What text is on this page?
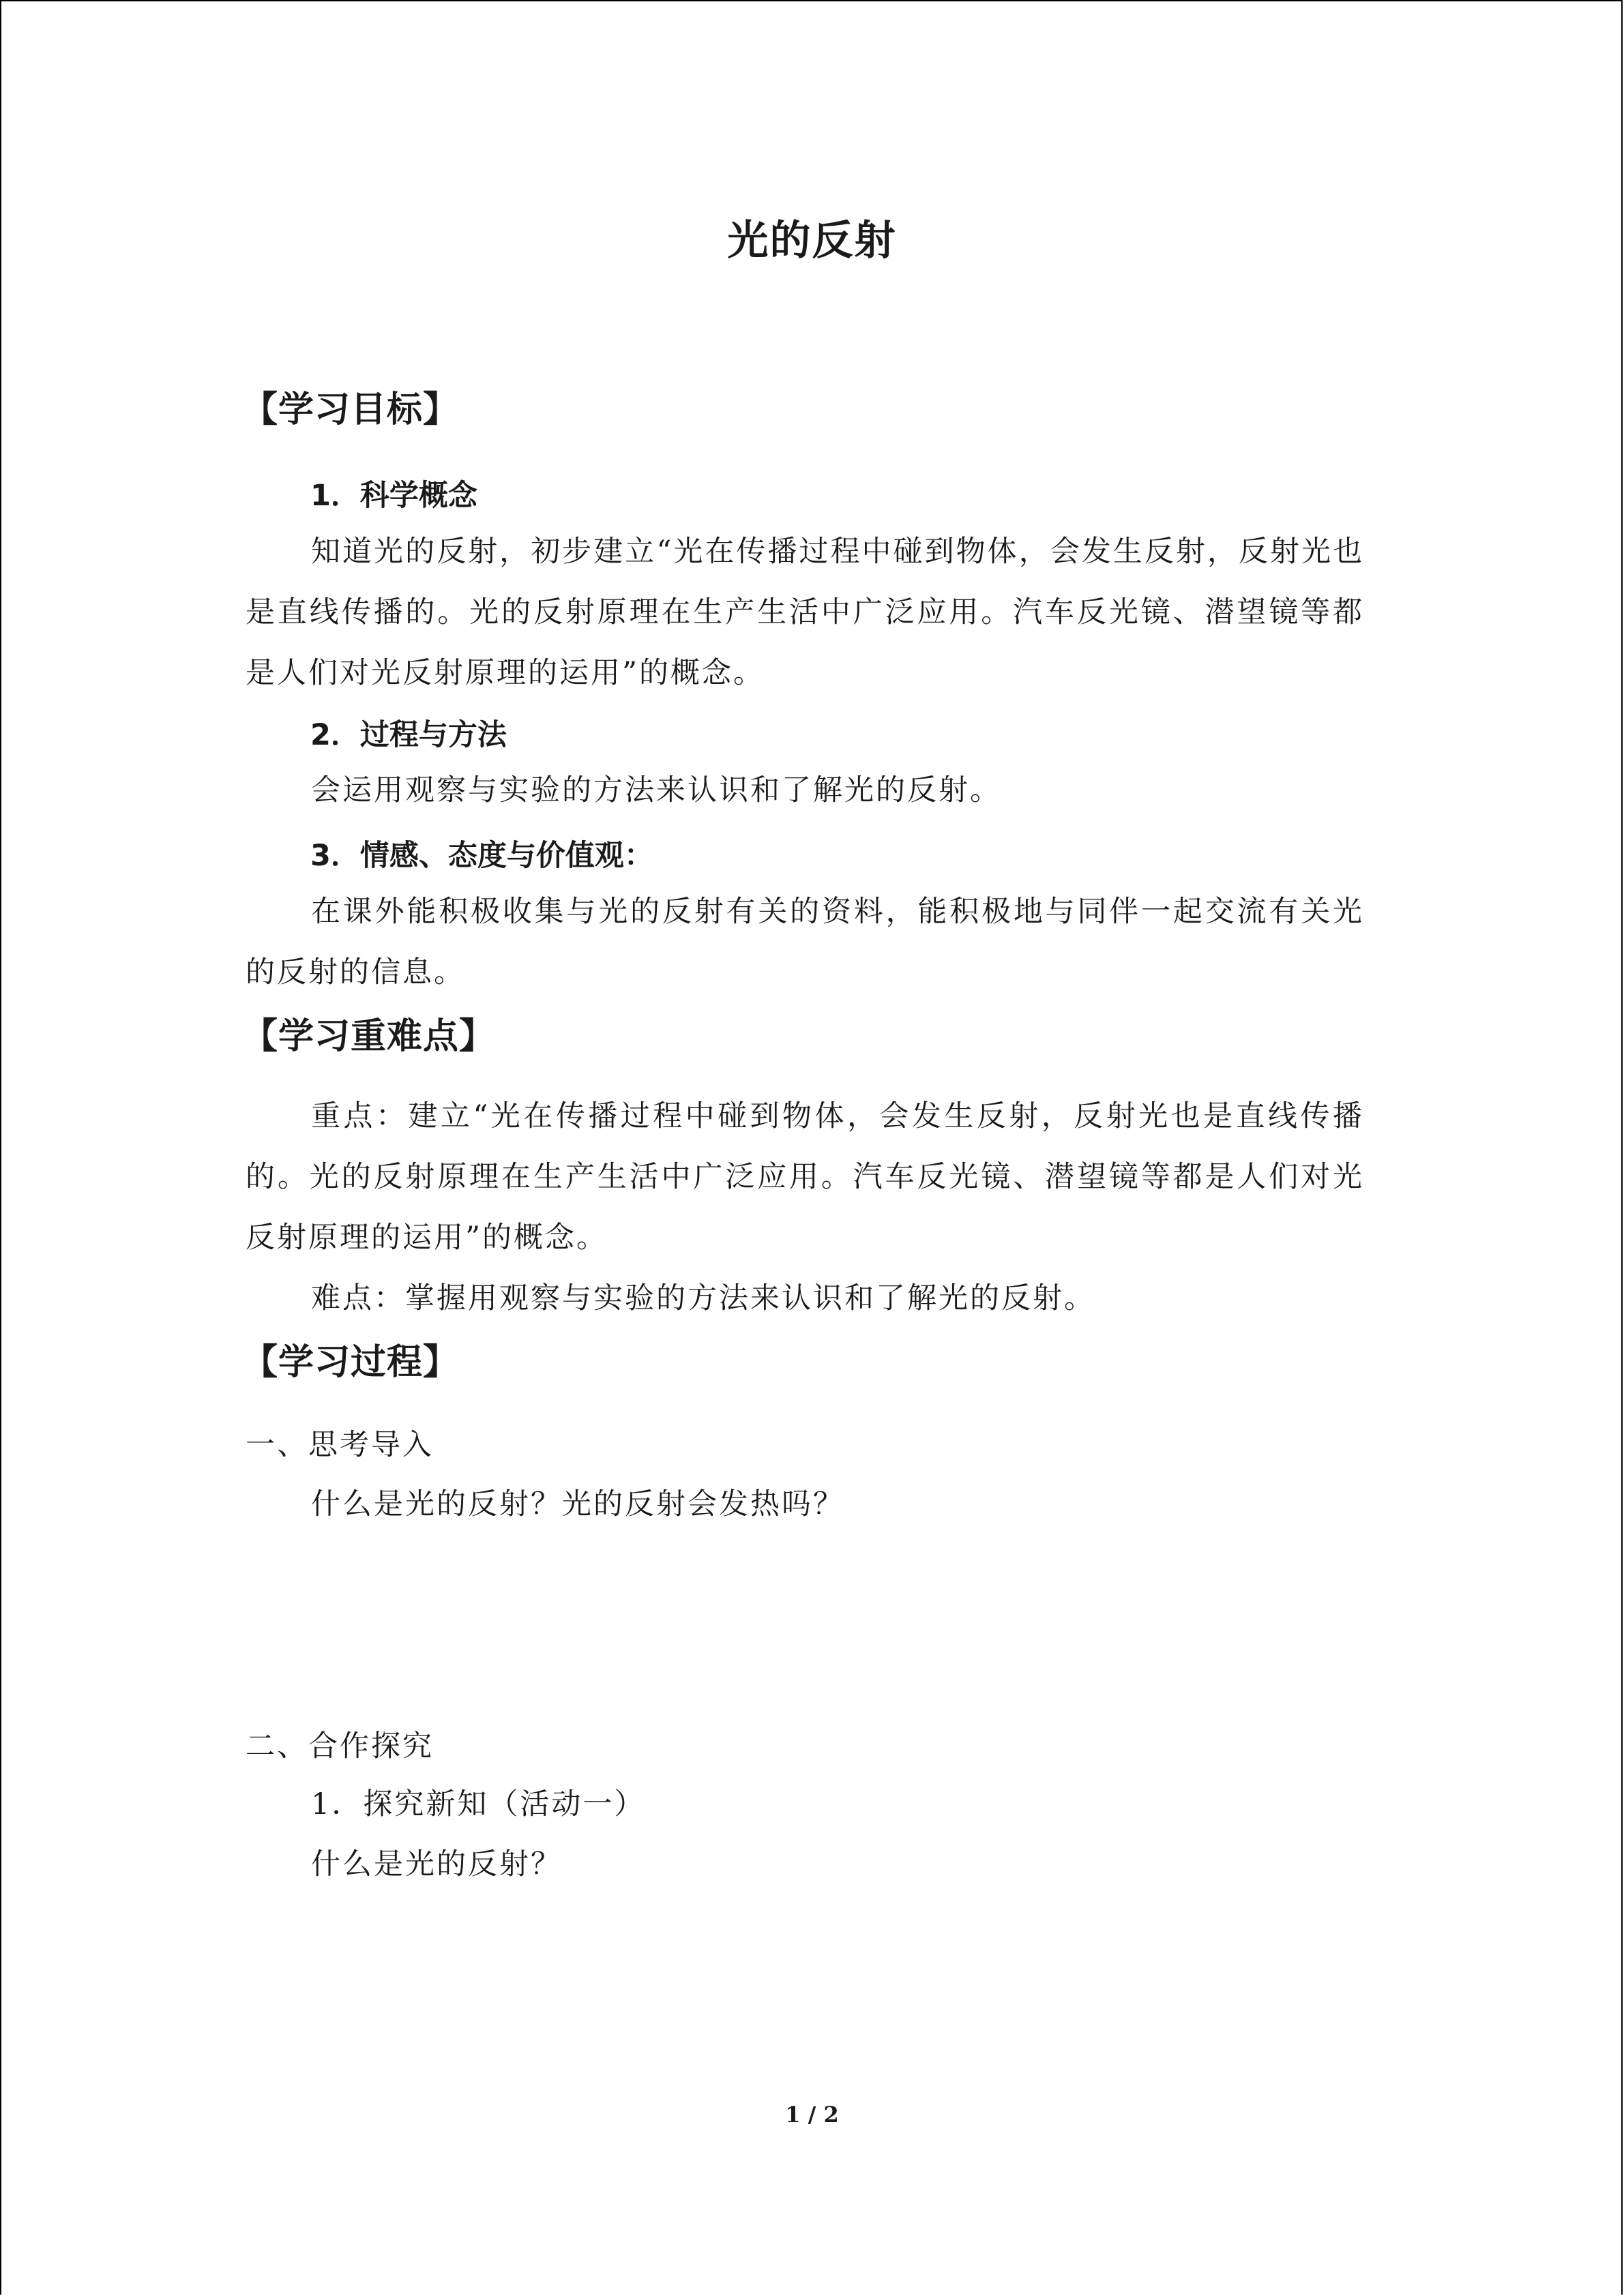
光的反射
【学习目标】
1．科学概念

知道光的反射，初步建立“光在传播过程中碰到物体，会发生反射，反射光也是直线传播的。光的反射原理在生产生活中广泛应用。汽车反光镜、潜望镜等都是人们对光反射原理的运用”的概念。

2．过程与方法

会运用观察与实验的方法来认识和了解光的反射。

3．情感、态度与价值观：

在课外能积极收集与光的反射有关的资料，能积极地与同伴一起交流有关光的反射的信息。

【学习重难点】

重点：建立“光在传播过程中碰到物体，会发生反射，反射光也是直线传播的。光的反射原理在生产生活中广泛应用。汽车反光镜、潜望镜等都是人们对光反射原理的运用”的概念。

难点：掌握用观察与实验的方法来认识和了解光的反射。

【学习过程】
一、思考导入
什么是光的反射？光的反射会发热吗？
二、合作探究
1．探究新知（活动一）
什么是光的反射？
1 / 2
